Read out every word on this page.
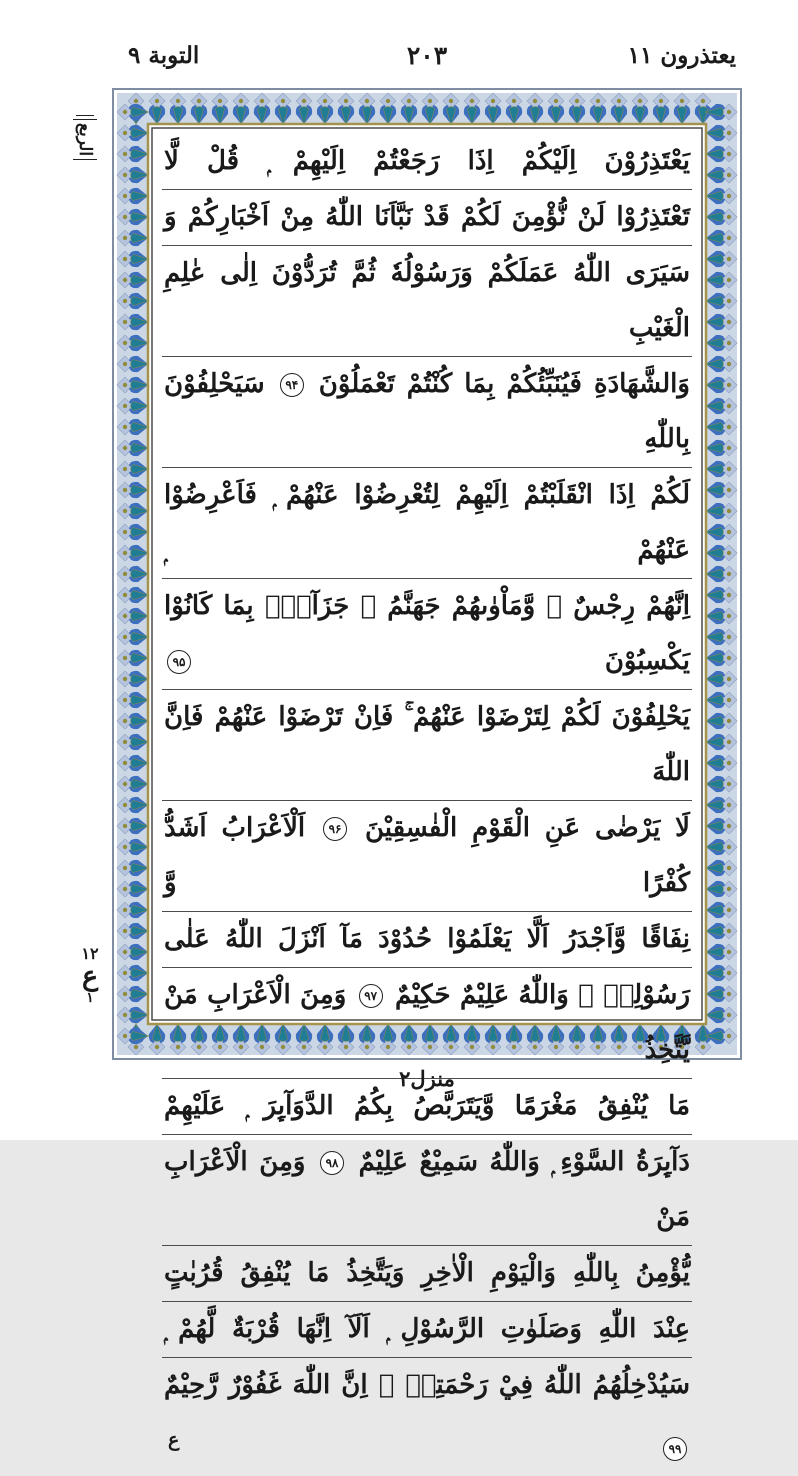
يعتذرون ۱۱
۲۰۳
التوبة ۹
يَعْتَذِرُوْنَ اِلَيْكُمْ اِذَا رَجَعْتُمْ اِلَيْهِمْ ۭ قُلْ لَّا
تَعْتَذِرُوْا لَنْ نُّؤْمِنَ لَكُمْ قَدْ نَبَّاَنَا اللّٰهُ مِنْ اَخْبَارِكُمْ وَ
سَيَرَى اللّٰهُ عَمَلَكُمْ وَرَسُوْلُهٗ ثُمَّ تُرَدُّوْنَ اِلٰى عٰلِمِ الْغَيْبِ
وَالشَّهَادَةِ فَيُنَبِّئُكُمْ بِمَا كُنْتُمْ تَعْمَلُوْنَ ۹۴ سَيَحْلِفُوْنَ بِاللّٰهِ
لَكُمْ اِذَا انْقَلَبْتُمْ اِلَيْهِمْ لِتُعْرِضُوْا عَنْهُمْ ۭ فَاَعْرِضُوْا عَنْهُمْ ۭ
اِنَّهُمْ رِجْسٌ ۡ وَّمَاْوٰىهُمْ جَهَنَّمُ ۚ جَزَآءًۢ بِمَا كَانُوْا يَكْسِبُوْنَ ۹۵
يَحْلِفُوْنَ لَكُمْ لِتَرْضَوْا عَنْهُمْ ۚ فَاِنْ تَرْضَوْا عَنْهُمْ فَاِنَّ اللّٰهَ
لَا يَرْضٰى عَنِ الْقَوْمِ الْفٰسِقِيْنَ ۹۶ اَلْاَعْرَابُ اَشَدُّ كُفْرًا وَّ
نِفَاقًا وَّاَجْدَرُ اَلَّا يَعْلَمُوْا حُدُوْدَ مَآ اَنْزَلَ اللّٰهُ عَلٰى
رَسُوْلِهٖ ۭ وَاللّٰهُ عَلِيْمٌ حَكِيْمٌ ۹۷ وَمِنَ الْاَعْرَابِ مَنْ يَّتَّخِذُ
مَا يُنْفِقُ مَغْرَمًا وَّيَتَرَبَّصُ بِكُمُ الدَّوَآىِٕرَ ۭ عَلَيْهِمْ
دَآىِٕرَةُ السَّوْءِ ۭ وَاللّٰهُ سَمِيْعٌ عَلِيْمٌ ۹۸ وَمِنَ الْاَعْرَابِ مَنْ
يُّؤْمِنُ بِاللّٰهِ وَالْيَوْمِ الْاٰخِرِ وَيَتَّخِذُ مَا يُنْفِقُ قُرُبٰتٍ
عِنْدَ اللّٰهِ وَصَلَوٰتِ الرَّسُوْلِ ۭ اَلَآ اِنَّهَا قُرْبَةٌ لَّهُمْ ۭ
سَيُدْخِلُهُمُ اللّٰهُ فِيْ رَحْمَتِهٖ ۭ اِنَّ اللّٰهَ غَفُوْرٌ رَّحِيْمٌ ۹۹ $^ع$
الربع
۱۲
ع
۱
منزل۲
